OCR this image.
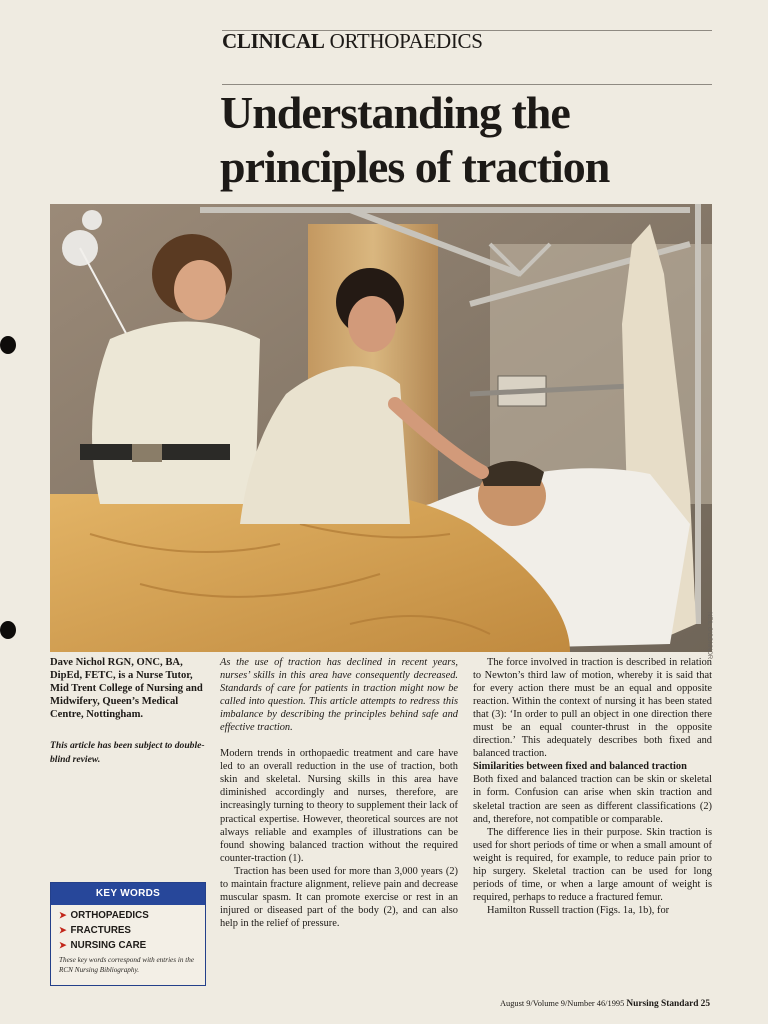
CLINICAL ORTHOPAEDICS
Understanding the
principles of traction
NEIL O'CONNOR

Dave Nichol RGN, ONC, BA, DipEd, FETC, is a Nurse Tutor, Mid Trent College of Nursing and Midwifery, Queen’s Medical Centre, Nottingham.

This article has been subject to double-blind review.

KEY WORDS
➤ ORTHOPAEDICS
➤ FRACTURES
➤ NURSING CARE
These key words correspond with entries in the RCN Nursing Bibliography.

As the use of traction has declined in recent years, nurses’ skills in this area have consequently decreased. Standards of care for patients in traction might now be called into question. This article attempts to redress this imbalance by describing the principles behind safe and effective traction.

Modern trends in orthopaedic treatment and care have led to an overall reduction in the use of traction, both skin and skeletal. Nursing skills in this area have diminished accordingly and nurses, therefore, are increasingly turning to theory to supplement their lack of practical expertise. However, theoretical sources are not always reliable and examples of illustrations can be found showing balanced traction without the required counter-traction (1).

Traction has been used for more than 3,000 years (2) to maintain fracture alignment, relieve pain and decrease muscular spasm. It can promote exercise or rest in an injured or diseased part of the body (2), and can also help in the relief of pressure.

The force involved in traction is described in relation to Newton’s third law of motion, whereby it is said that for every action there must be an equal and opposite reaction. Within the context of nursing it has been stated that (3): ‘In order to pull an object in one direction there must be an equal counter-thrust in the opposite direction.’ This adequately describes both fixed and balanced traction.

Similarities between fixed and balanced traction

Both fixed and balanced traction can be skin or skeletal in form. Confusion can arise when skin traction and skeletal traction are seen as different classifications (2) and, therefore, not compatible or comparable.

The difference lies in their purpose. Skin traction is used for short periods of time or when a small amount of weight is required, for example, to reduce pain prior to hip surgery. Skeletal traction can be used for long periods of time, or when a large amount of weight is required, perhaps to reduce a fractured femur.

Hamilton Russell traction (Figs. 1a, 1b), for

August 9/Volume 9/Number 46/1995 Nursing Standard 25
